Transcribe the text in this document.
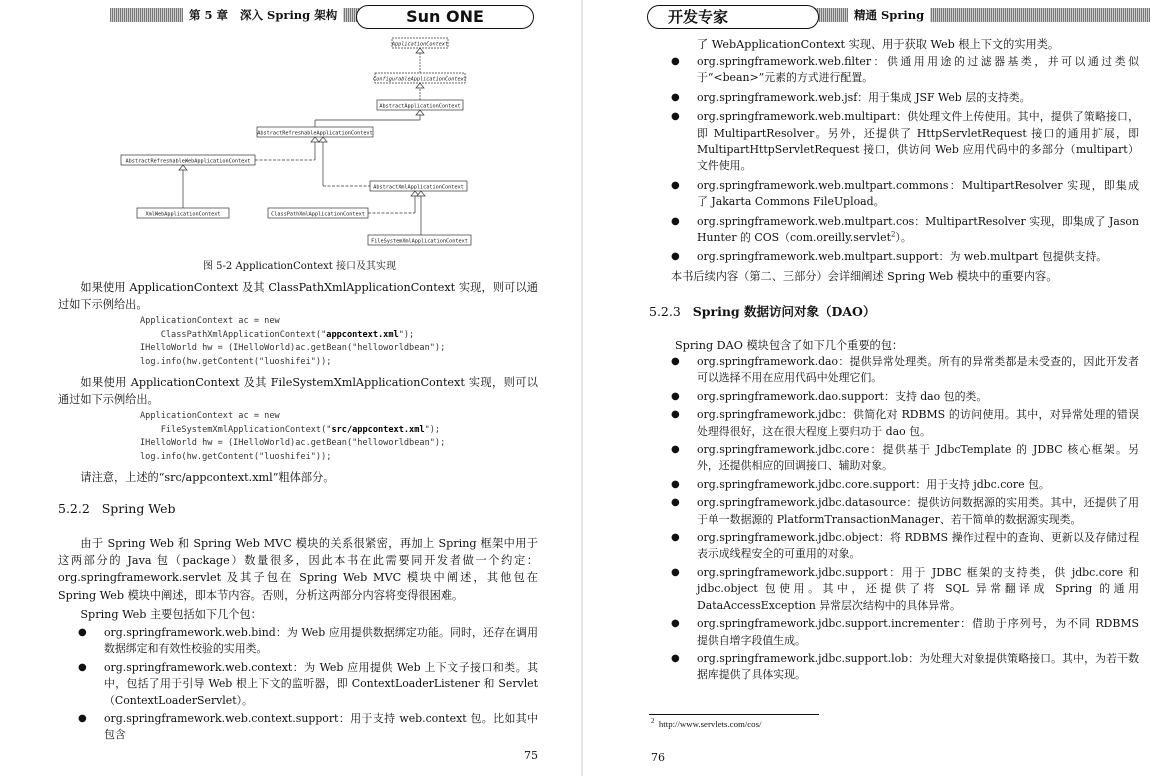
第 5 章 深入 Spring 架构	Sun ONE
ApplicationContext
ConfigurableApplicationContext
AbstractApplicationContext
AbstractRefreshableApplicationContext
AbstractRefreshableWebApplicationContext
AbstractXmlApplicationContext
XmlWebApplicationContext	ClassPathXmlApplicationContext
FileSystemXmlApplicationContext
图 5-2 ApplicationContext 接口及其实现
如果使用 ApplicationContext 及其 ClassPathXmlApplicationContext 实现，则可以通过如下示例给出。
ApplicationContext ac = new
ClassPathXmlApplicationContext("appcontext.xml");
IHelloWorld hw = (IHelloWorld)ac.getBean("helloworldbean");
log.info(hw.getContent("luoshifei"));
如果使用 ApplicationContext 及其 FileSystemXmlApplicationContext 实现，则可以通过如下示例给出。
ApplicationContext ac = new
FileSystemXmlApplicationContext("src/appcontext.xml");
IHelloWorld hw = (IHelloWorld)ac.getBean("helloworldbean");
log.info(hw.getContent("luoshifei"));
请注意，上述的“src/appcontext.xml”粗体部分。
5.2.2 Spring Web
由于 Spring Web 和 Spring Web MVC 模块的关系很紧密，再加上 Spring 框架中用于这两部分的 Java 包（package）数量很多，因此本书在此需要同开发者做一个约定：org.springframework.servlet 及其子包在 Spring Web MVC 模块中阐述，其他包在 Spring Web 模块中阐述，即本节内容。否则，分析这两部分内容将变得很困难。
Spring Web 主要包括如下几个包：
● org.springframework.web.bind：为 Web 应用提供数据绑定功能。同时，还存在调用数据绑定和有效性校验的实用类。
● org.springframework.web.context：为 Web 应用提供 Web 上下文子接口和类。其中，包括了用于引导 Web 根上下文的监听器，即 ContextLoaderListener 和 Servlet（ContextLoaderServlet）。
● org.springframework.web.context.support：用于支持 web.context 包。比如其中包含
75
开发专家	精通 Spring
了 WebApplicationContext 实现、用于获取 Web 根上下文的实用类。
● org.springframework.web.filter：供通用用途的过滤器基类，并可以通过类似于“<bean>”元素的方式进行配置。
● org.springframework.web.jsf：用于集成 JSF Web 层的支持类。
● org.springframework.web.multipart：供处理文件上传使用。其中，提供了策略接口，即 MultipartResolver。另外，还提供了 HttpServletRequest 接口的通用扩展，即 MultipartHttpServletRequest 接口，供访问 Web 应用代码中的多部分（multipart）文件使用。
● org.springframework.web.multpart.commons：MultipartResolver 实现，即集成了 Jakarta Commons FileUpload。
● org.springframework.web.multpart.cos：MultipartResolver 实现，即集成了 Jason Hunter 的 COS（com.oreilly.servlet$^2$）。
● org.springframework.web.multpart.support：为 web.multpart 包提供支持。
本书后续内容（第二、三部分）会详细阐述 Spring Web 模块中的重要内容。
5.2.3 Spring 数据访问对象（DAO）
Spring DAO 模块包含了如下几个重要的包：
● org.springframework.dao：提供异常处理类。所有的异常类都是未受查的，因此开发者可以选择不用在应用代码中处理它们。
● org.springframework.dao.support：支持 dao 包的类。
● org.springframework.jdbc：供简化对 RDBMS 的访问使用。其中，对异常处理的错误处理得很好，这在很大程度上要归功于 dao 包。
● org.springframework.jdbc.core：提供基于 JdbcTemplate 的 JDBC 核心框架。另外，还提供相应的回调接口、辅助对象。
● org.springframework.jdbc.core.support：用于支持 jdbc.core 包。
● org.springframework.jdbc.datasource：提供访问数据源的实用类。其中，还提供了用于单一数据源的 PlatformTransactionManager、若干简单的数据源实现类。
● org.springframework.jdbc.object：将 RDBMS 操作过程中的查询、更新以及存储过程表示成线程安全的可重用的对象。
● org.springframework.jdbc.support：用于 JDBC 框架的支持类，供 jdbc.core 和 jdbc.object 包使用。其中，还提供了将 SQL 异常翻译成 Spring 的通用 DataAccessException 异常层次结构中的具体异常。
● org.springframework.jdbc.support.incrementer：借助于序列号，为不同 RDBMS 提供自增字段值生成。
● org.springframework.jdbc.support.lob：为处理大对象提供策略接口。其中，为若干数据库提供了具体实现。
$^2$ http://www.servlets.com/cos/
76
